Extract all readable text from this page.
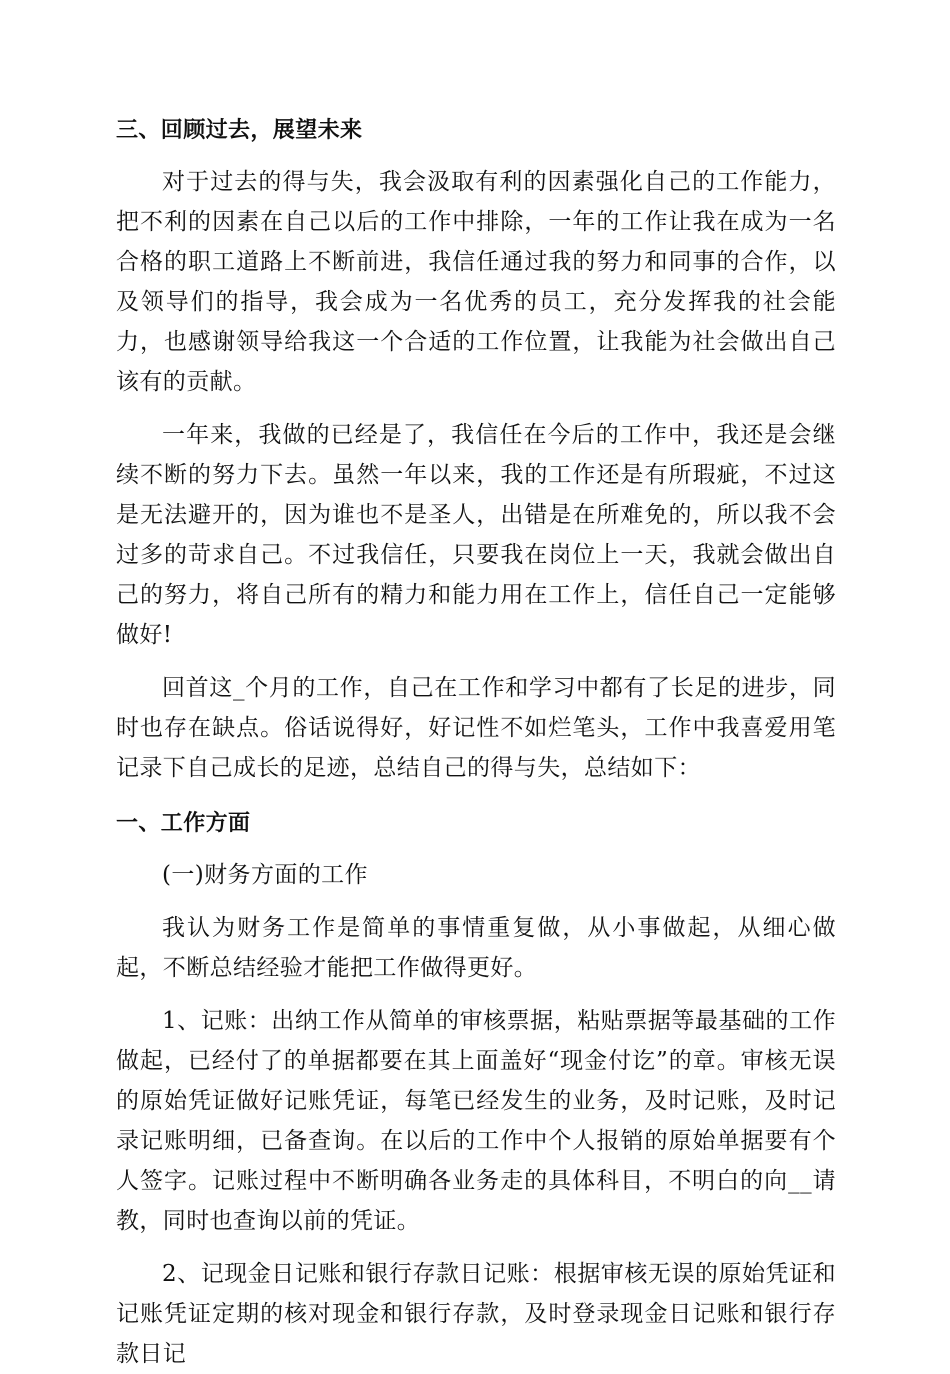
三、回顾过去，展望未来

对于过去的得与失，我会汲取有利的因素强化自己的工作能力，把不利的因素在自己以后的工作中排除，一年的工作让我在成为一名合格的职工道路上不断前进，我信任通过我的努力和同事的合作，以及领导们的指导，我会成为一名优秀的员工，充分发挥我的社会能力，也感谢领导给我这一个合适的工作位置，让我能为社会做出自己该有的贡献。

一年来，我做的已经是了，我信任在今后的工作中，我还是会继续不断的努力下去。虽然一年以来，我的工作还是有所瑕疵，不过这是无法避开的，因为谁也不是圣人，出错是在所难免的，所以我不会过多的苛求自己。不过我信任，只要我在岗位上一天，我就会做出自己的努力，将自己所有的精力和能力用在工作上，信任自己一定能够做好!

回首这_个月的工作，自己在工作和学习中都有了长足的进步，同时也存在缺点。俗话说得好，好记性不如烂笔头，工作中我喜爱用笔记录下自己成长的足迹，总结自己的得与失，总结如下：

一、工作方面

(一)财务方面的工作

我认为财务工作是简单的事情重复做，从小事做起，从细心做起，不断总结经验才能把工作做得更好。

1、记账：出纳工作从简单的审核票据，粘贴票据等最基础的工作做起，已经付了的单据都要在其上面盖好“现金付讫”的章。审核无误的原始凭证做好记账凭证，每笔已经发生的业务，及时记账，及时记录记账明细，已备查询。在以后的工作中个人报销的原始单据要有个人签字。记账过程中不断明确各业务走的具体科目，不明白的向__请教，同时也查询以前的凭证。

2、记现金日记账和银行存款日记账：根据审核无误的原始凭证和记账凭证定期的核对现金和银行存款，及时登录现金日记账和银行存款日记
